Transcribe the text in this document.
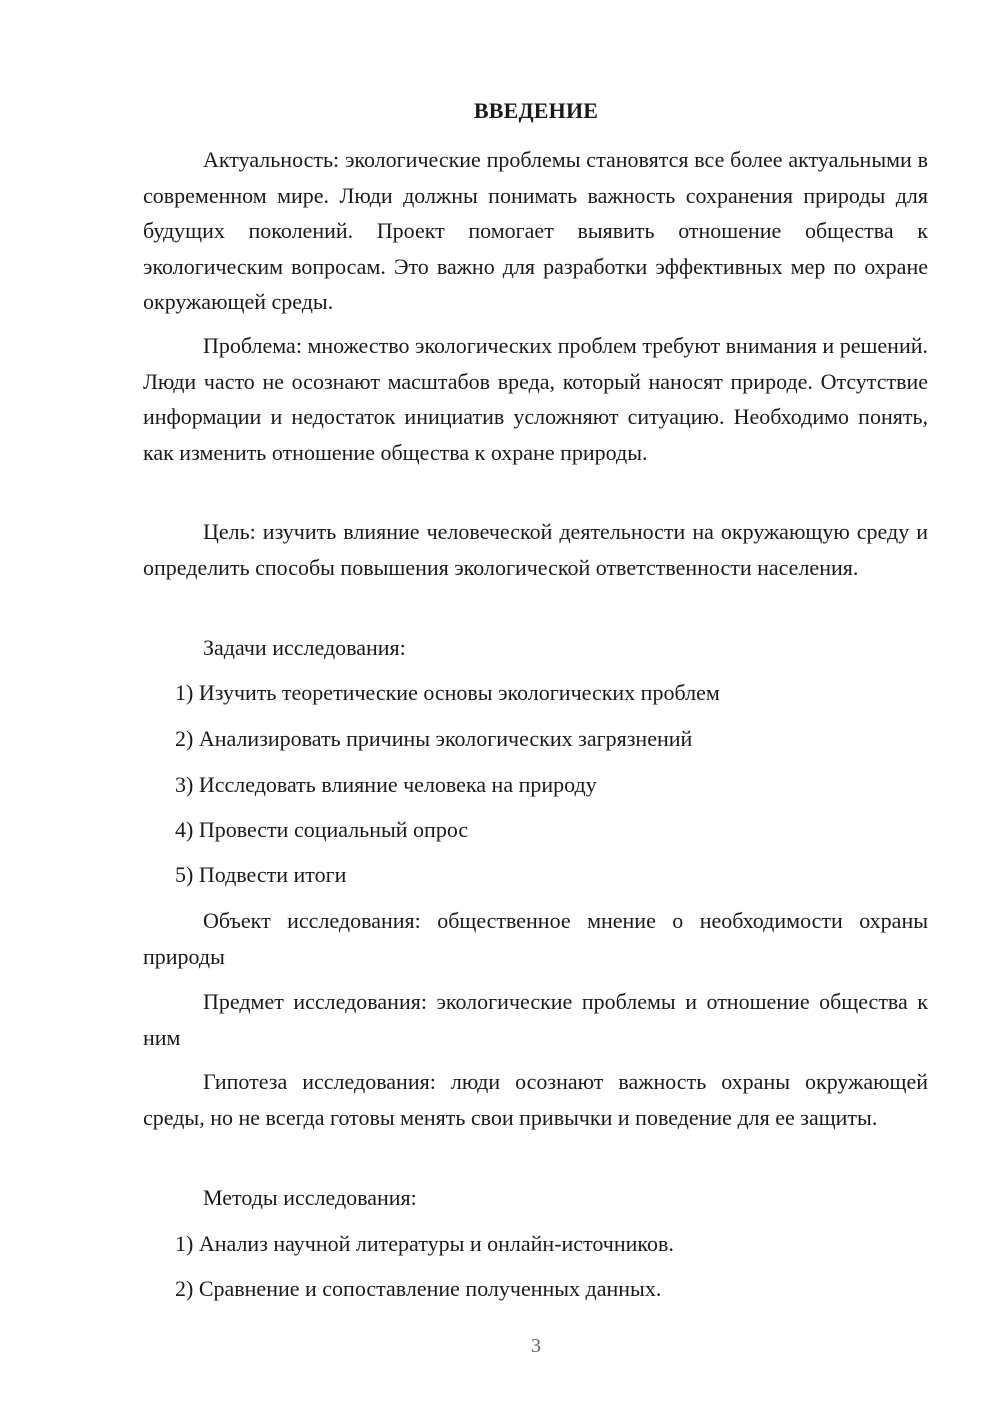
ВВЕДЕНИЕ

Актуальность: экологические проблемы становятся все более актуальными в современном мире. Люди должны понимать важность сохранения природы для будущих поколений. Проект помогает выявить отношение общества к экологическим вопросам. Это важно для разработки эффективных мер по охране окружающей среды.

Проблема: множество экологических проблем требуют внимания и решений. Люди часто не осознают масштабов вреда, который наносят природе. Отсутствие информации и недостаток инициатив усложняют ситуацию. Необходимо понять, как изменить отношение общества к охране природы.

Цель: изучить влияние человеческой деятельности на окружающую среду и определить способы повышения экологической ответственности населения.

Задачи исследования:

1) Изучить теоретические основы экологических проблем

2) Анализировать причины экологических загрязнений

3) Исследовать влияние человека на природу

4) Провести социальный опрос

5) Подвести итоги

Объект исследования: общественное мнение о необходимости охраны природы

Предмет исследования: экологические проблемы и отношение общества к ним

Гипотеза исследования: люди осознают важность охраны окружающей среды, но не всегда готовы менять свои привычки и поведение для ее защиты.

Методы исследования:

1) Анализ научной литературы и онлайн-источников.

2) Сравнение и сопоставление полученных данных.

3
